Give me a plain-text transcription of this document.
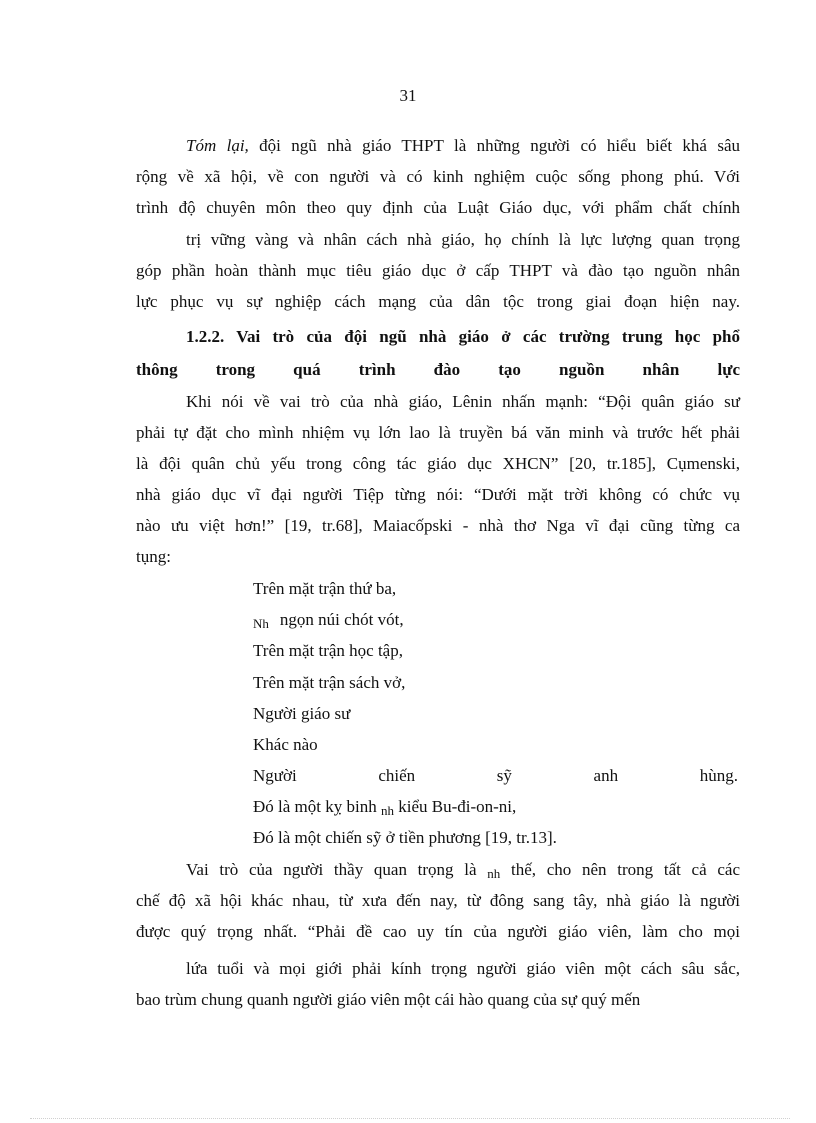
31
Tóm lại, đội ngũ nhà giáo THPT là những người có hiểu biết khá sâu
rộng về xã hội, về con người và có kinh nghiệm cuộc sống phong phú. Với
trình độ chuyên môn theo quy định của Luật Giáo dục, với phẩm chất chính
trị vững vàng và nhân cách nhà giáo, họ chính là lực lượng quan trọng
góp phần hoàn thành mục tiêu giáo dục ở cấp THPT và đào tạo nguồn nhân
lực phục vụ sự nghiệp cách mạng của dân tộc trong giai đoạn hiện nay.
1.2.2. Vai trò của đội ngũ nhà giáo ở các trường trung học phổ
thông trong quá trình đào tạo nguồn nhân lực
Khi nói về vai trò của nhà giáo, Lênin nhấn mạnh: “Đội quân giáo sư
phải tự đặt cho mình nhiệm vụ lớn lao là truyền bá văn minh và trước hết phải
là đội quân chủ yếu trong công tác giáo dục XHCN” [20, tr.185], Cụmenski,
nhà giáo dục vĩ đại người Tiệp từng nói: “Dưới mặt trời không có chức vụ
nào ưu việt hơn!” [19, tr.68], Maiacốpski - nhà thơ Nga vĩ đại cũng từng ca
tụng:
Trên mặt trận thứ ba,
Nh ngọn núi chót vót,
Trên mặt trận học tập,
Trên mặt trận sách vở,
Người giáo sư
Khác nào
Người chiến sỹ anh hùng.
Đó là một kỵ binh nh kiểu Bu-đi-on-ni,
Đó là một chiến sỹ ở tiền phương [19, tr.13].
Vai trò của người thầy quan trọng là nh thế, cho nên trong tất cả các
chế độ xã hội khác nhau, từ xưa đến nay, từ đông sang tây, nhà giáo là người
được quý trọng nhất. “Phải đề cao uy tín của người giáo viên, làm cho mọi
lứa tuổi và mọi giới phải kính trọng người giáo viên một cách sâu sắc,
bao trùm chung quanh người giáo viên một cái hào quang của sự quý mến
